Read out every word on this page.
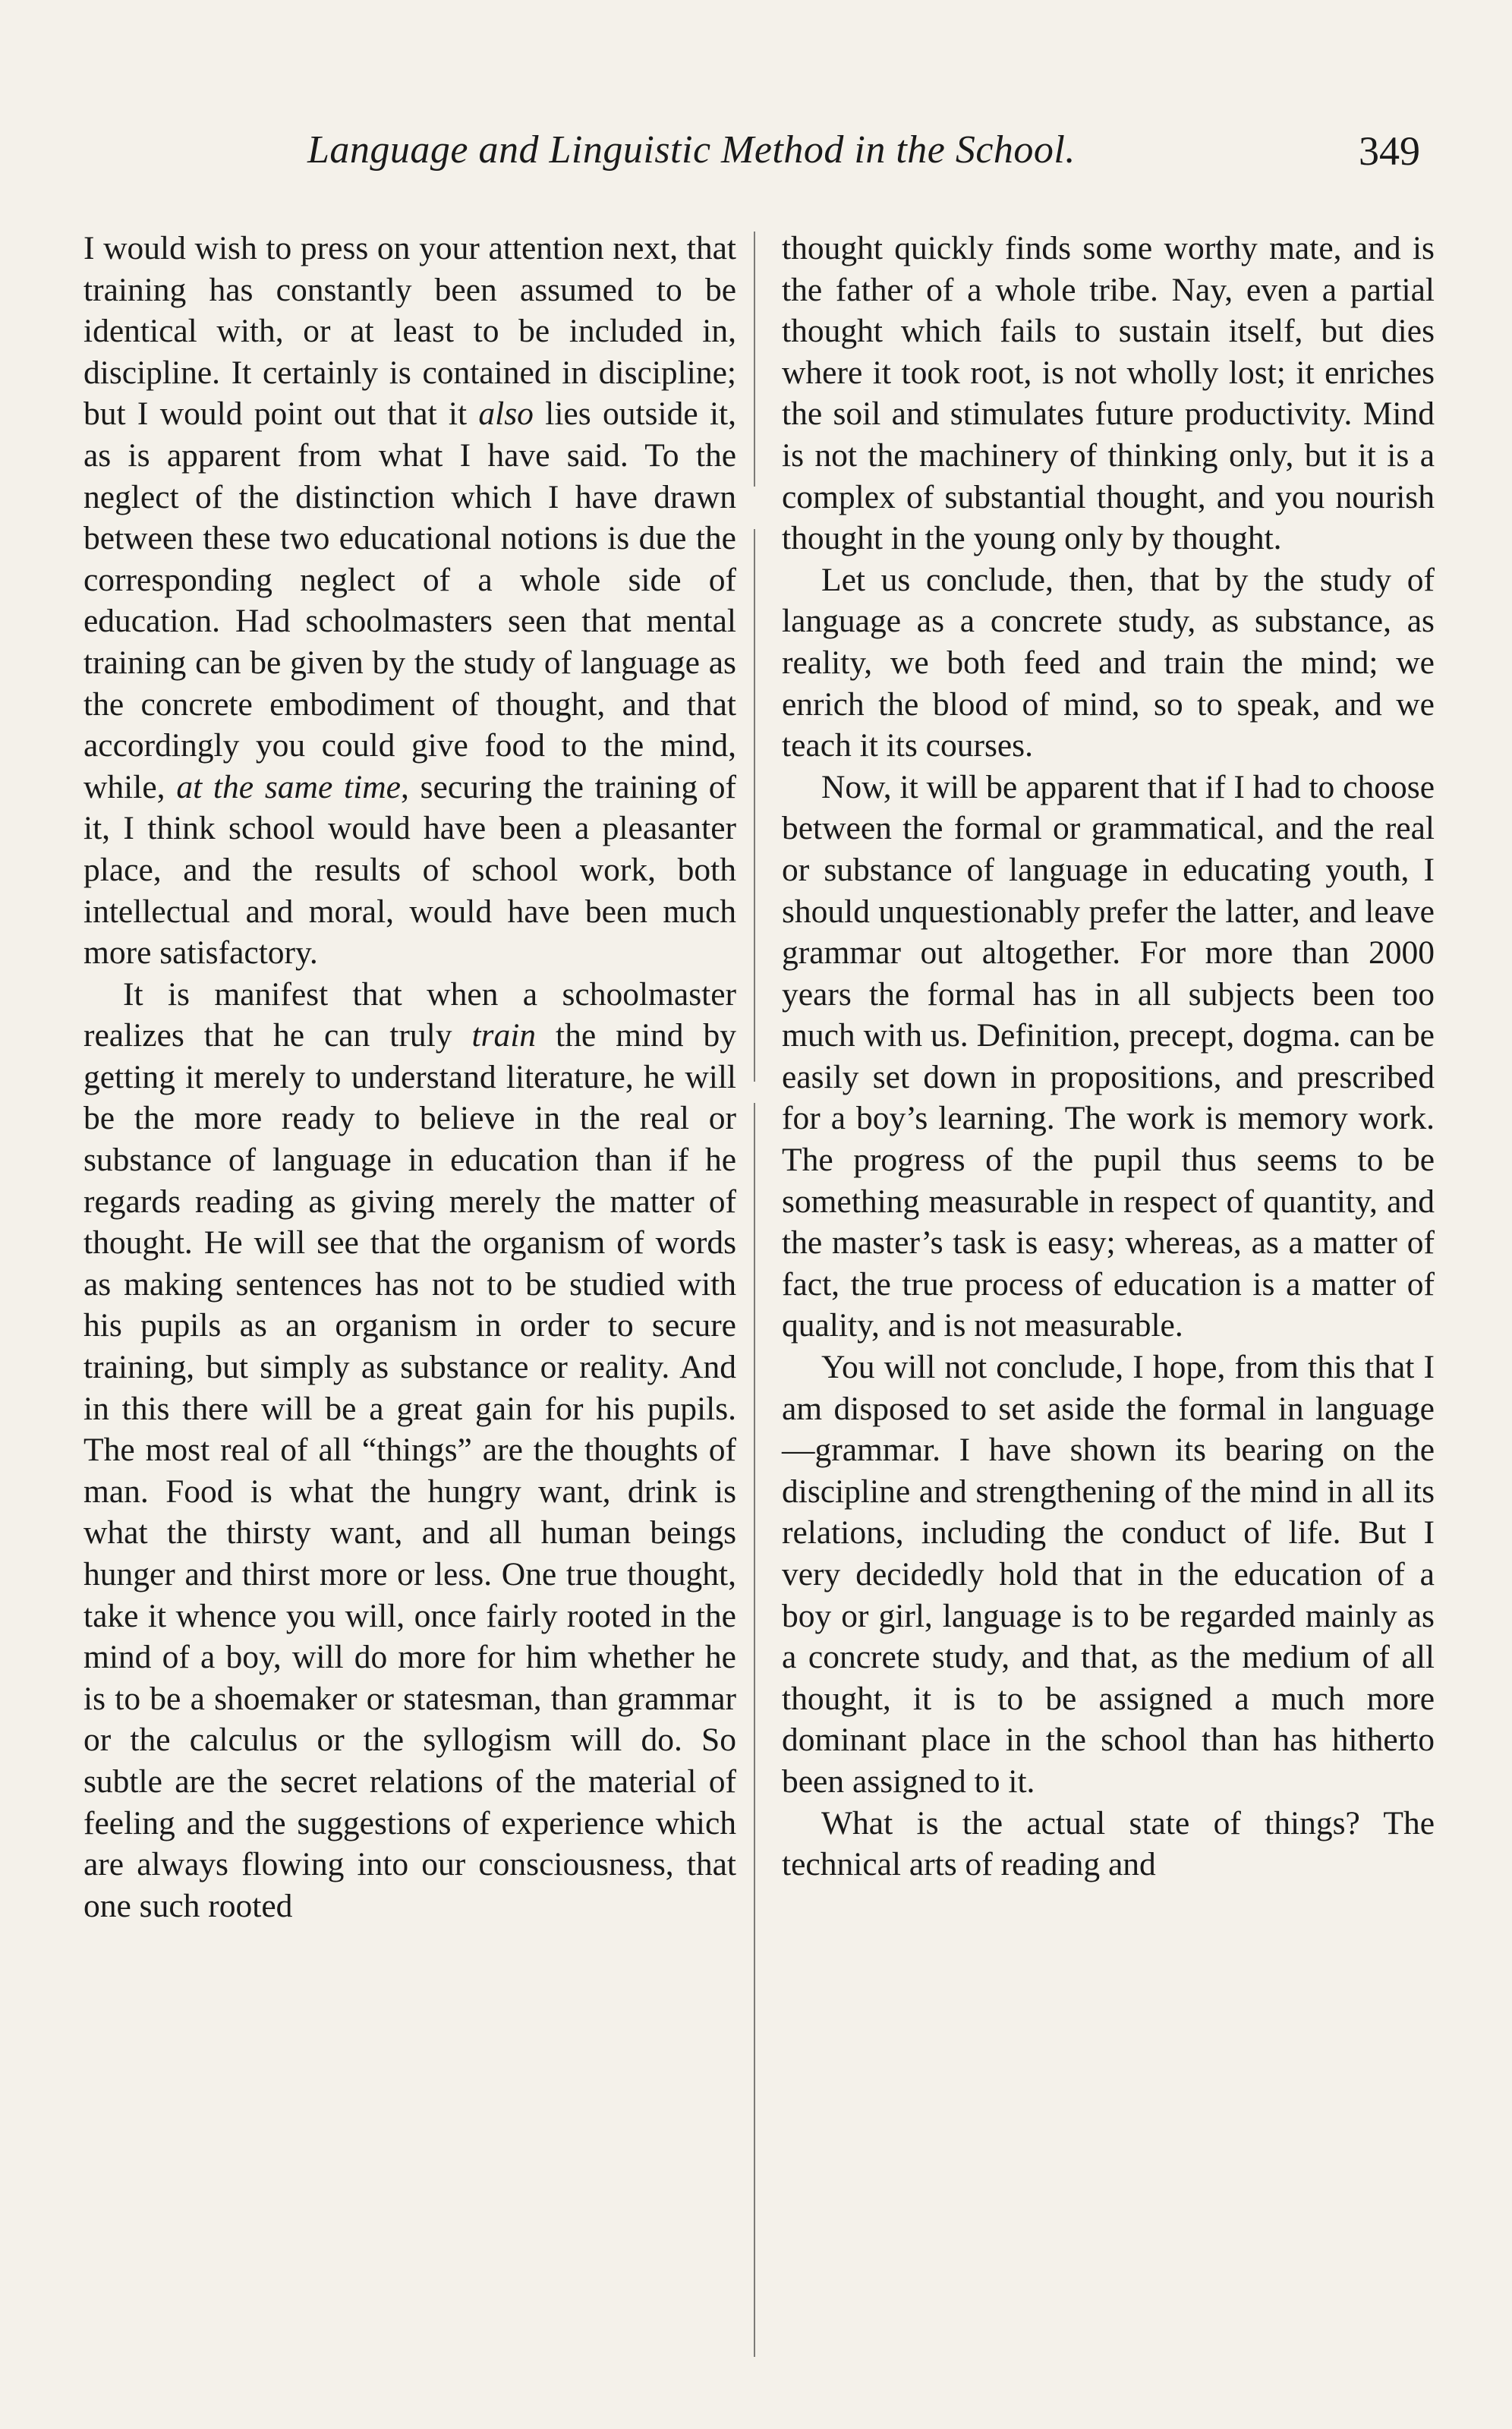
Language and Linguistic Method in the School.	349

I would wish to press on your attention next, that training has constantly been assumed to be identical with, or at least to be included in, discipline. It certainly is contained in discipline; but I would point out that it also lies outside it, as is apparent from what I have said. To the neglect of the distinction which I have drawn between these two educational notions is due the corresponding neglect of a whole side of education. Had schoolmasters seen that mental training can be given by the study of language as the concrete embodiment of thought, and that accordingly you could give food to the mind, while, at the same time, securing the training of it, I think school would have been a pleasanter place, and the results of school work, both intellectual and moral, would have been much more satisfactory.

It is manifest that when a schoolmaster realizes that he can truly train the mind by getting it merely to understand literature, he will be the more ready to believe in the real or substance of language in education than if he regards reading as giving merely the matter of thought. He will see that the organism of words as making sentences has not to be studied with his pupils as an organism in order to secure training, but simply as substance or reality. And in this there will be a great gain for his pupils. The most real of all “things” are the thoughts of man. Food is what the hungry want, drink is what the thirsty want, and all human beings hunger and thirst more or less. One true thought, take it whence you will, once fairly rooted in the mind of a boy, will do more for him whether he is to be a shoemaker or statesman, than grammar or the calculus or the syllogism will do. So subtle are the secret relations of the material of feeling and the suggestions of experience which are always flowing into our consciousness, that one such rooted

thought quickly finds some worthy mate, and is the father of a whole tribe. Nay, even a partial thought which fails to sustain itself, but dies where it took root, is not wholly lost; it enriches the soil and stimulates future productivity. Mind is not the machinery of thinking only, but it is a complex of substantial thought, and you nourish thought in the young only by thought.

Let us conclude, then, that by the study of language as a concrete study, as substance, as reality, we both feed and train the mind; we enrich the blood of mind, so to speak, and we teach it its courses.

Now, it will be apparent that if I had to choose between the formal or grammatical, and the real or substance of language in educating youth, I should unquestionably prefer the latter, and leave grammar out altogether. For more than 2000 years the formal has in all subjects been too much with us. Definition, precept, dogma. can be easily set down in propositions, and prescribed for a boy’s learning. The work is memory work. The progress of the pupil thus seems to be something measurable in respect of quantity, and the master’s task is easy; whereas, as a matter of fact, the true process of education is a matter of quality, and is not measurable.

You will not conclude, I hope, from this that I am disposed to set aside the formal in language—grammar. I have shown its bearing on the discipline and strengthening of the mind in all its relations, including the conduct of life. But I very decidedly hold that in the education of a boy or girl, language is to be regarded mainly as a concrete study, and that, as the medium of all thought, it is to be assigned a much more dominant place in the school than has hitherto been assigned to it.

What is the actual state of things? The technical arts of reading and
